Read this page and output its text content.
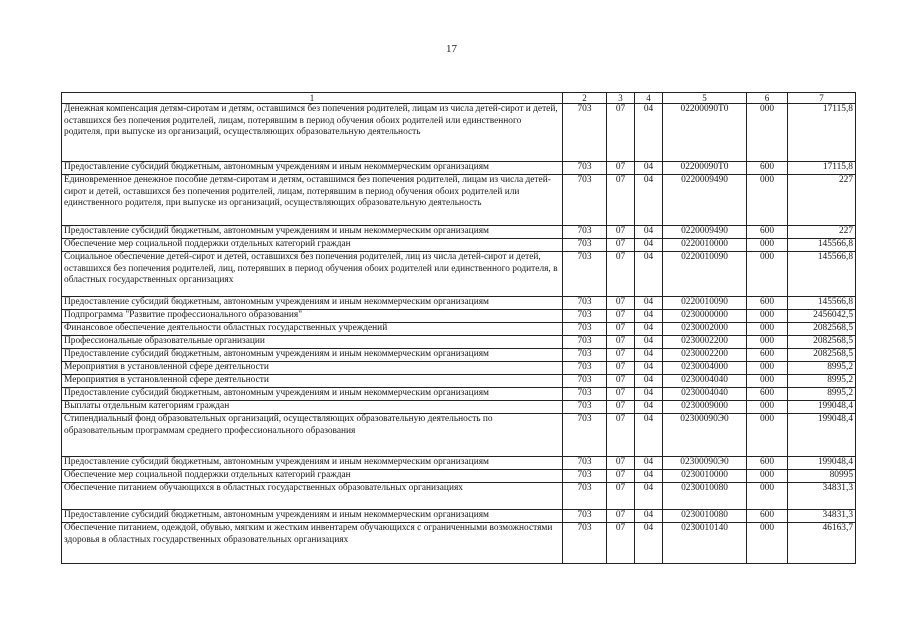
17
1	2	3	4	5	6	7
Денежная компенсация детям-сиротам и детям, оставшимся без попечения родителей, лицам из числа детей-сирот и детей, оставшихся без попечения родителей, лицам, потерявшим в период обучения обоих родителей или единственного родителя, при выпуске из организаций, осуществляющих образовательную деятельность	703	07	04	02200090Т0	000	17115,8
Предоставление субсидий бюджетным, автономным учреждениям и иным некоммерческим организациям	703	07	04	02200090Т0	600	17115,8
Единовременное денежное пособие детям-сиротам и детям, оставшимся без попечения родителей, лицам из числа детей-сирот и детей, оставшихся без попечения родителей, лицам, потерявшим в период обучения обоих родителей или единственного родителя, при выпуске из организаций, осуществляющих образовательную деятельность	703	07	04	0220009490	000	227
Предоставление субсидий бюджетным, автономным учреждениям и иным некоммерческим организациям	703	07	04	0220009490	600	227
Обеспечение мер социальной поддержки отдельных категорий граждан	703	07	04	0220010000	000	145566,8
Социальное обеспечение детей-сирот и детей, оставшихся без попечения родителей, лиц из числа детей-сирот и детей, оставшихся без попечения родителей, лиц, потерявших в период обучения обоих родителей или единственного родителя, в областных государственных организациях	703	07	04	0220010090	000	145566,8
Предоставление субсидий бюджетным, автономным учреждениям и иным некоммерческим организациям	703	07	04	0220010090	600	145566,8
Подпрограмма "Развитие профессионального образования"	703	07	04	0230000000	000	2456042,5
Финансовое обеспечение деятельности областных государственных учреждений	703	07	04	0230002000	000	2082568,5
Профессиональные образовательные организации	703	07	04	0230002200	000	2082568,5
Предоставление субсидий бюджетным, автономным учреждениям и иным некоммерческим организациям	703	07	04	0230002200	600	2082568,5
Мероприятия в установленной сфере деятельности	703	07	04	0230004000	000	8995,2
Мероприятия в установленной сфере деятельности	703	07	04	0230004040	000	8995,2
Предоставление субсидий бюджетным, автономным учреждениям и иным некоммерческим организациям	703	07	04	0230004040	600	8995,2
Выплаты отдельным категориям граждан	703	07	04	0230009000	000	199048,4
Стипендиальный фонд образовательных организаций, осуществляющих образовательную деятельность по образовательным программам среднего профессионального образования	703	07	04	02300090Э0	000	199048,4
Предоставление субсидий бюджетным, автономным учреждениям и иным некоммерческим организациям	703	07	04	02300090Э0	600	199048,4
Обеспечение мер социальной поддержки отдельных категорий граждан	703	07	04	0230010000	000	80995
Обеспечение питанием обучающихся в областных государственных образовательных организациях	703	07	04	0230010080	000	34831,3
Предоставление субсидий бюджетным, автономным учреждениям и иным некоммерческим организациям	703	07	04	0230010080	600	34831,3
Обеспечение питанием, одеждой, обувью, мягким и жестким инвентарем обучающихся с ограниченными возможностями здоровья в областных государственных образовательных организациях	703	07	04	0230010140	000	46163,7
